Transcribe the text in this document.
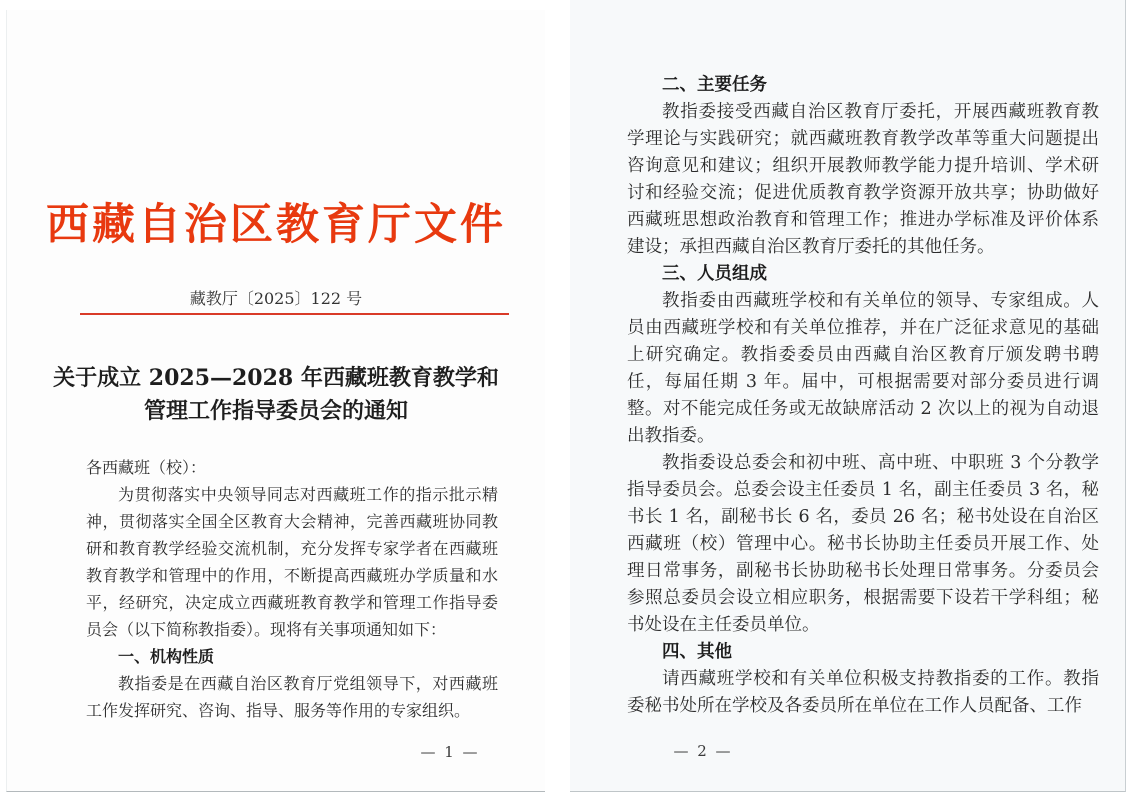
西藏自治区教育厅文件
藏教厅〔2025〕122 号
关于成立 2025—2028 年西藏班教育教学和
管理工作指导委员会的通知

各西藏班（校）：

为贯彻落实中央领导同志对西藏班工作的指示批示精神，贯彻落实全国全区教育大会精神，完善西藏班协同教研和教育教学经验交流机制，充分发挥专家学者在西藏班教育教学和管理中的作用，不断提高西藏班办学质量和水平，经研究，决定成立西藏班教育教学和管理工作指导委员会（以下简称教指委）。现将有关事项通知如下：

一、机构性质

教指委是在西藏自治区教育厅党组领导下，对西藏班工作发挥研究、咨询、指导、服务等作用的专家组织。

— 1 —

二、主要任务

教指委接受西藏自治区教育厅委托，开展西藏班教育教学理论与实践研究；就西藏班教育教学改革等重大问题提出咨询意见和建议；组织开展教师教学能力提升培训、学术研讨和经验交流；促进优质教育教学资源开放共享；协助做好西藏班思想政治教育和管理工作；推进办学标准及评价体系建设；承担西藏自治区教育厅委托的其他任务。

三、人员组成

教指委由西藏班学校和有关单位的领导、专家组成。人员由西藏班学校和有关单位推荐，并在广泛征求意见的基础上研究确定。教指委委员由西藏自治区教育厅颁发聘书聘任，每届任期 3 年。届中，可根据需要对部分委员进行调整。对不能完成任务或无故缺席活动 2 次以上的视为自动退出教指委。

教指委设总委会和初中班、高中班、中职班 3 个分教学指导委员会。总委会设主任委员 1 名，副主任委员 3 名，秘书长 1 名，副秘书长 6 名，委员 26 名；秘书处设在自治区西藏班（校）管理中心。秘书长协助主任委员开展工作、处理日常事务，副秘书长协助秘书长处理日常事务。分委员会参照总委员会设立相应职务，根据需要下设若干学科组；秘书处设在主任委员单位。

四、其他

请西藏班学校和有关单位积极支持教指委的工作。教指委秘书处所在学校及各委员所在单位在工作人员配备、工作

— 2 —
